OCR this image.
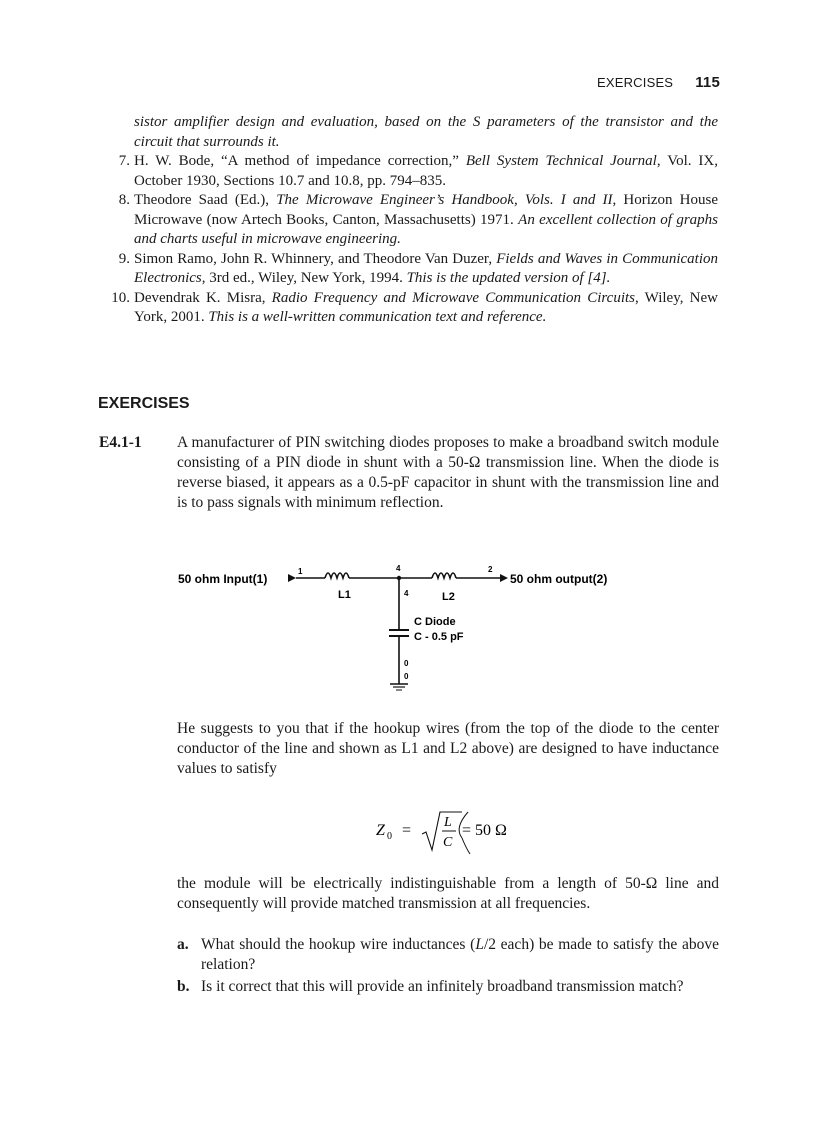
EXERCISES 115
sistor amplifier design and evaluation, based on the S parameters of the transistor and the circuit that surrounds it.
7. H. W. Bode, “A method of impedance correction,” Bell System Technical Journal, Vol. IX, October 1930, Sections 10.7 and 10.8, pp. 794–835.
8. Theodore Saad (Ed.), The Microwave Engineer’s Handbook, Vols. I and II, Horizon House Microwave (now Artech Books, Canton, Massachusetts) 1971. An excellent collection of graphs and charts useful in microwave engineering.
9. Simon Ramo, John R. Whinnery, and Theodore Van Duzer, Fields and Waves in Communication Electronics, 3rd ed., Wiley, New York, 1994. This is the updated version of [4].
10. Devendrak K. Misra, Radio Frequency and Microwave Communication Circuits, Wiley, New York, 2001. This is a well-written communication text and reference.
EXERCISES
E4.1-1 A manufacturer of PIN switching diodes proposes to make a broadband switch module consisting of a PIN diode in shunt with a 50-Ω transmission line. When the diode is reverse biased, it appears as a 0.5-pF capacitor in shunt with the transmission line and is to pass signals with minimum reflection.
50 ohm Input(1)
1
L1
4
L2
2
50 ohm output(2)
4
C Diode
C - 0.5 pF
0
0
He suggests to you that if the hookup wires (from the top of the diode to the center conductor of the line and shown as L1 and L2 above) are designed to have inductance values to satisfy
Z 0 = L
C
= 50 Ω
the module will be electrically indistinguishable from a length of 50-Ω line and consequently will provide matched transmission at all frequencies.
a. What should the hookup wire inductances (L/2 each) be made to satisfy the above relation?
b. Is it correct that this will provide an infinitely broadband transmission match?
